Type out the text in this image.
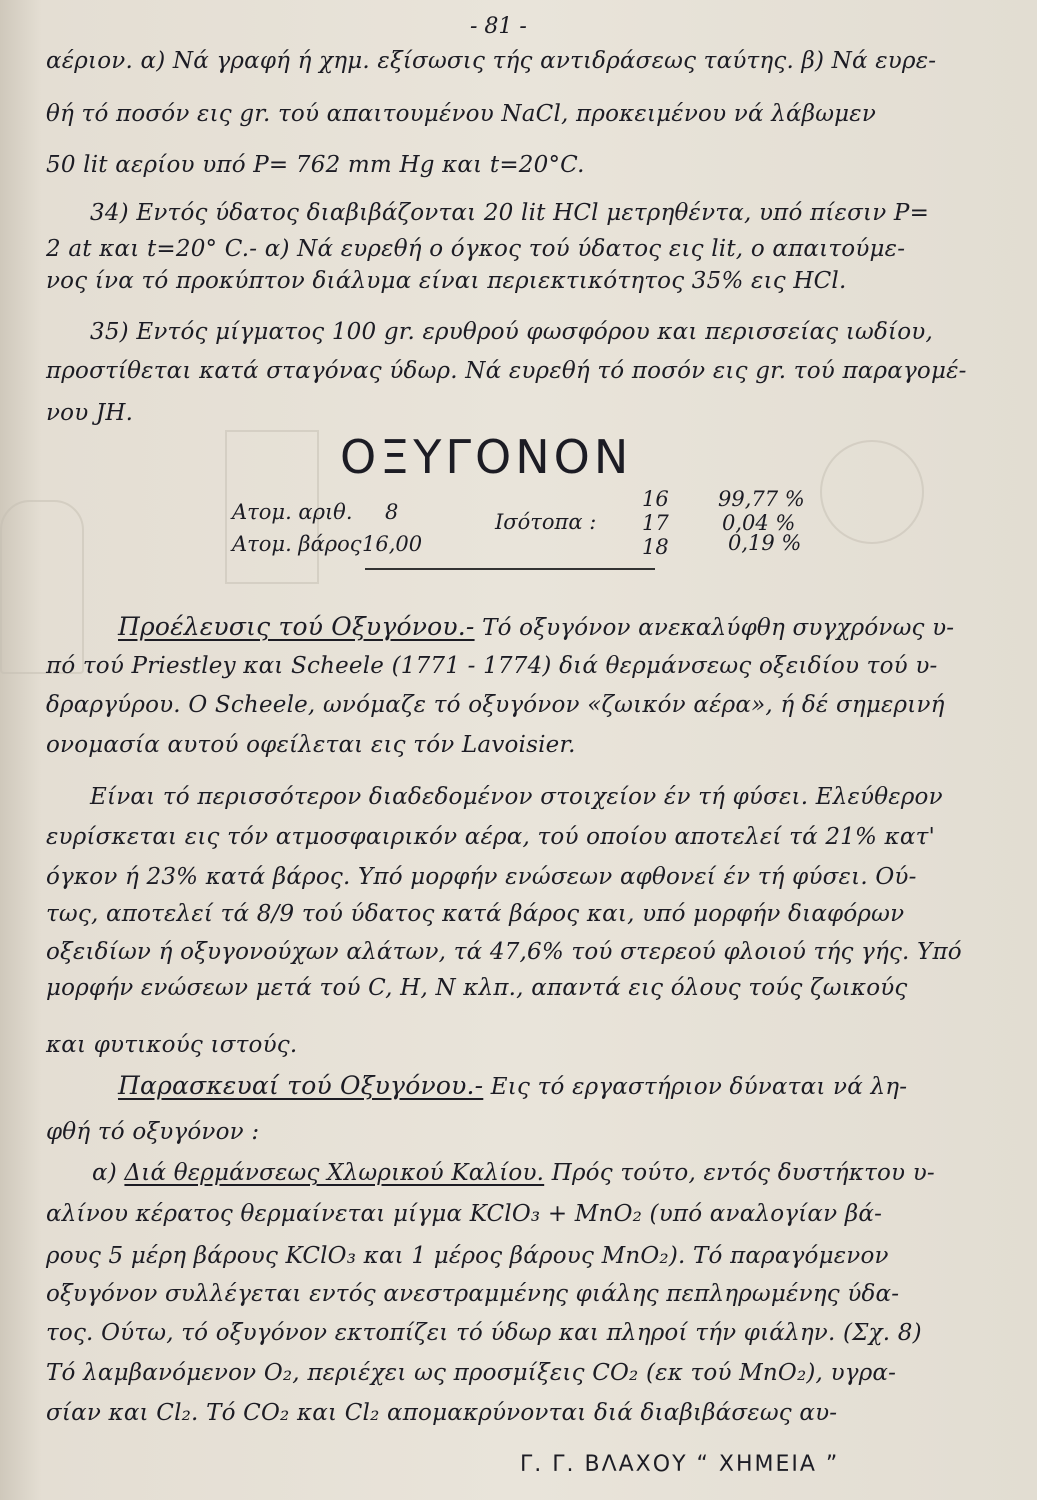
- 81 -
αέριον. α) Νά γραφή ή χημ. εξίσωσις τής αντιδράσεως ταύτης. β) Νά ευρε-
θή τό ποσόν εις gr. τού απαιτουμένου NaCl, προκειμένου νά λάβωμεν
50 lit αερίου υπό P= 762 mm Hg και t=20°C.
34) Εντός ύδατος διαβιβάζονται 20 lit HCl μετρηθέντα, υπό πίεσιν P=
2 at και t=20° C.- α) Νά ευρεθή ο όγκος τού ύδατος εις lit, ο απαιτούμε-
νος ίνα τό προκύπτον διάλυμα είναι περιεκτικότητος 35% εις HCl.
35) Εντός μίγματος 100 gr. ερυθρού φωσφόρου και περισσείας ιωδίου,
προστίθεται κατά σταγόνας ύδωρ. Νά ευρεθή τό ποσόν εις gr. τού παραγομέ-
νου JH.
ΟΞΥΓΟΝΟΝ
Ατομ. αριθ. 8
Ατομ. βάρος 16,00
Ισότοπα :
16 99,77 %
17	0,04 %
18	0,19 %
Προέλευσις τού Οξυγόνου.- Τό οξυγόνον ανεκαλύφθη συγχρόνως υ-
πό τού Priestley και Scheele (1771 - 1774) διά θερμάνσεως οξειδίου τού υ-
δραργύρου. Ο Scheele, ωνόμαζε τό οξυγόνον «ζωικόν αέρα», ή δέ σημερινή
ονομασία αυτού οφείλεται εις τόν Lavoisier.
Είναι τό περισσότερον διαδεδομένον στοιχείον έν τή φύσει. Ελεύθερον
ευρίσκεται εις τόν ατμοσφαιρικόν αέρα, τού οποίου αποτελεί τά 21% κατ'
όγκον ή 23% κατά βάρος. Υπό μορφήν ενώσεων αφθονεί έν τή φύσει. Ού-
τως, αποτελεί τά 8/9 τού ύδατος κατά βάρος και, υπό μορφήν διαφόρων
οξειδίων ή οξυγονούχων αλάτων, τά 47,6% τού στερεού φλοιού τής γής. Υπό
μορφήν ενώσεων μετά τού C, H, N κλπ., απαντά εις όλους τούς ζωικούς
και φυτικούς ιστούς.
Παρασκευαί τού Οξυγόνου.- Εις τό εργαστήριον δύναται νά λη-
φθή τό οξυγόνον :
α) Διά θερμάνσεως Χλωρικού Καλίου. Πρός τούτο, εντός δυστήκτου υ-
αλίνου κέρατος θερμαίνεται μίγμα KClO₃ + MnO₂ (υπό αναλογίαν βά-
ρους 5 μέρη βάρους KClO₃ και 1 μέρος βάρους MnO₂). Τό παραγόμενον
οξυγόνον συλλέγεται εντός ανεστραμμένης φιάλης πεπληρωμένης ύδα-
τος. Ούτω, τό οξυγόνον εκτοπίζει τό ύδωρ και πληροί τήν φιάλην. (Σχ. 8)
Τό λαμβανόμενον O₂, περιέχει ως προσμίξεις CO₂ (εκ τού MnO₂), υγρα-
σίαν και Cl₂. Τό CO₂ και Cl₂ απομακρύνονται διά διαβιβάσεως αυ-
Γ. Γ. ΒΛΑΧΟΥ “ ΧΗΜΕΙΑ ”
